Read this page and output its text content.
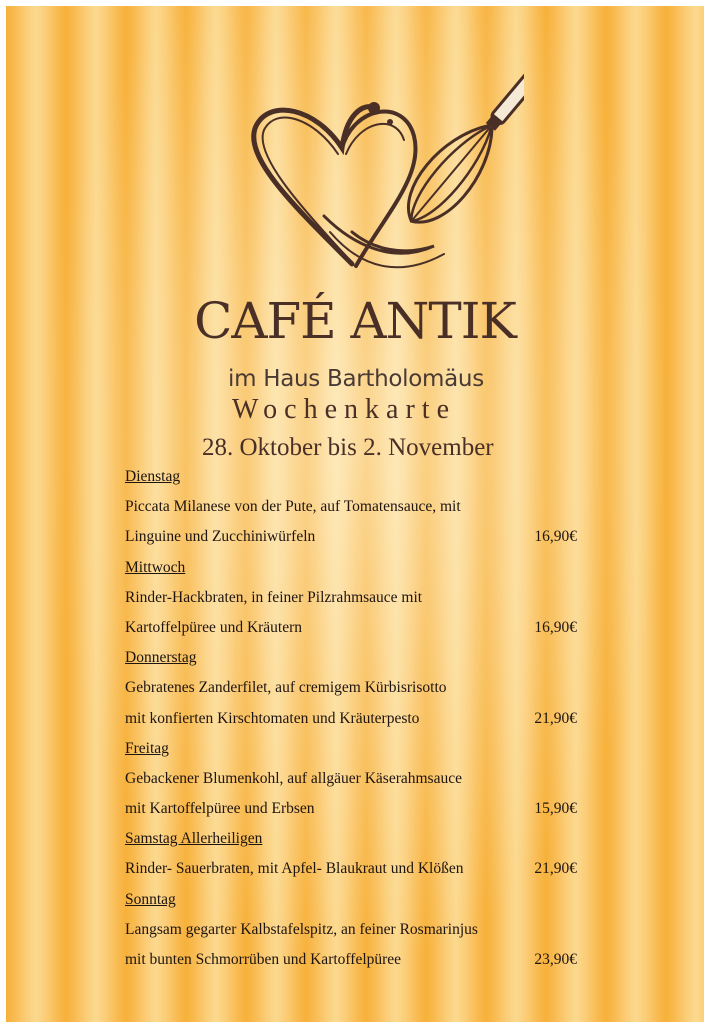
CAFÉ ANTIK
im Haus Bartholomäus
Wochenkarte
28. Oktober bis 2. November
Dienstag
Piccata Milanese von der Pute, auf Tomatensauce, mit
Linguine und Zucchiniwürfeln	16,90€
Mittwoch
Rinder-Hackbraten, in feiner Pilzrahmsauce mit
Kartoffelpüree und Kräutern	16,90€
Donnerstag
Gebratenes Zanderfilet, auf cremigem Kürbisrisotto
mit konfierten Kirschtomaten und Kräuterpesto	21,90€
Freitag
Gebackener Blumenkohl, auf allgäuer Käserahmsauce
mit Kartoffelpüree und Erbsen	15,90€
Samstag Allerheiligen
Rinder- Sauerbraten, mit Apfel- Blaukraut und Klößen	21,90€
Sonntag
Langsam gegarter Kalbstafelspitz, an feiner Rosmarinjus
mit bunten Schmorrüben und Kartoffelpüree	23,90€
